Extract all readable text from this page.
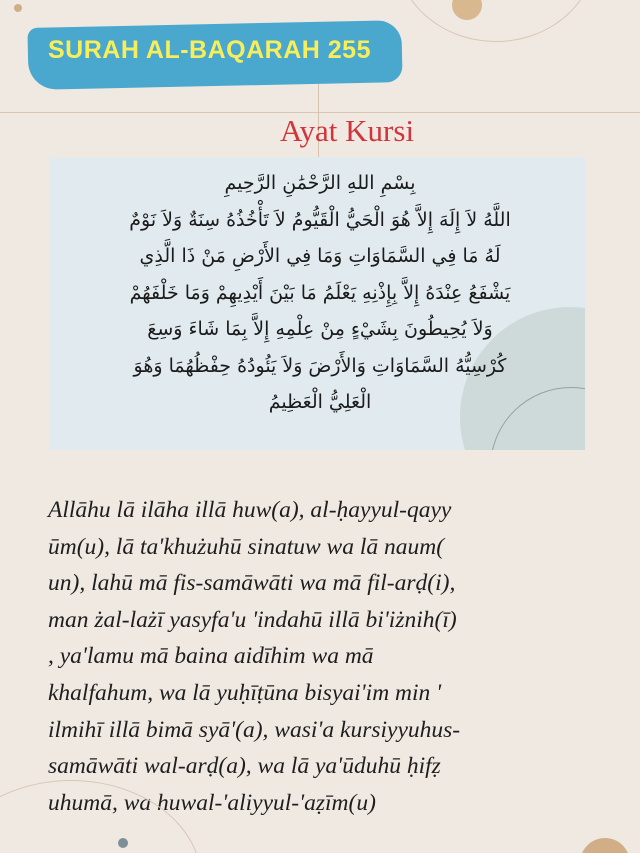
SURAH AL-BAQARAH 255
Ayat Kursi
بِسْمِ اللهِ الرَّحْمَٰنِ الرَّحِيمِ
اللَّهُ لاَ إِلَهَ إِلاَّ هُوَ الْحَيُّ الْقَيُّومُ لاَ تَأْخُذُهُ سِنَةٌ وَلاَ نَوْمٌ
لَهُ مَا فِي السَّمَاوَاتِ وَمَا فِي الأَرْضِ مَنْ ذَا الَّذِي
يَشْفَعُ عِنْدَهُ إِلاَّ بِإِذْنِهِ يَعْلَمُ مَا بَيْنَ أَيْدِيهِمْ وَمَا خَلْفَهُمْ
وَلاَ يُحِيطُونَ بِشَيْءٍ مِنْ عِلْمِهِ إِلاَّ بِمَا شَاءَ وَسِعَ
كُرْسِيُّهُ السَّمَاوَاتِ وَالأَرْضَ وَلاَ يَئُودُهُ حِفْظُهُمَا وَهُوَ
الْعَلِيُّ الْعَظِيمُ
Allāhu lā ilāha illā huw(a), al-ḥayyul-qayy
ūm(u), lā ta'khużuhū sinatuw wa lā naum(
un), lahū mā fis-samāwāti wa mā fil-arḍ(i),
man żal-lażī yasyfa'u 'indahū illā bi'iżnih(ī)
, ya'lamu mā baina aidīhim wa mā
khalfahum, wa lā yuḥīṭūna bisyai'im min '
ilmihī illā bimā syā'(a), wasi'a kursiyyuhus-
samāwāti wal-arḍ(a), wa lā ya'ūduhū ḥifẓ
uhumā, wa huwal-'aliyyul-'aẓīm(u)
